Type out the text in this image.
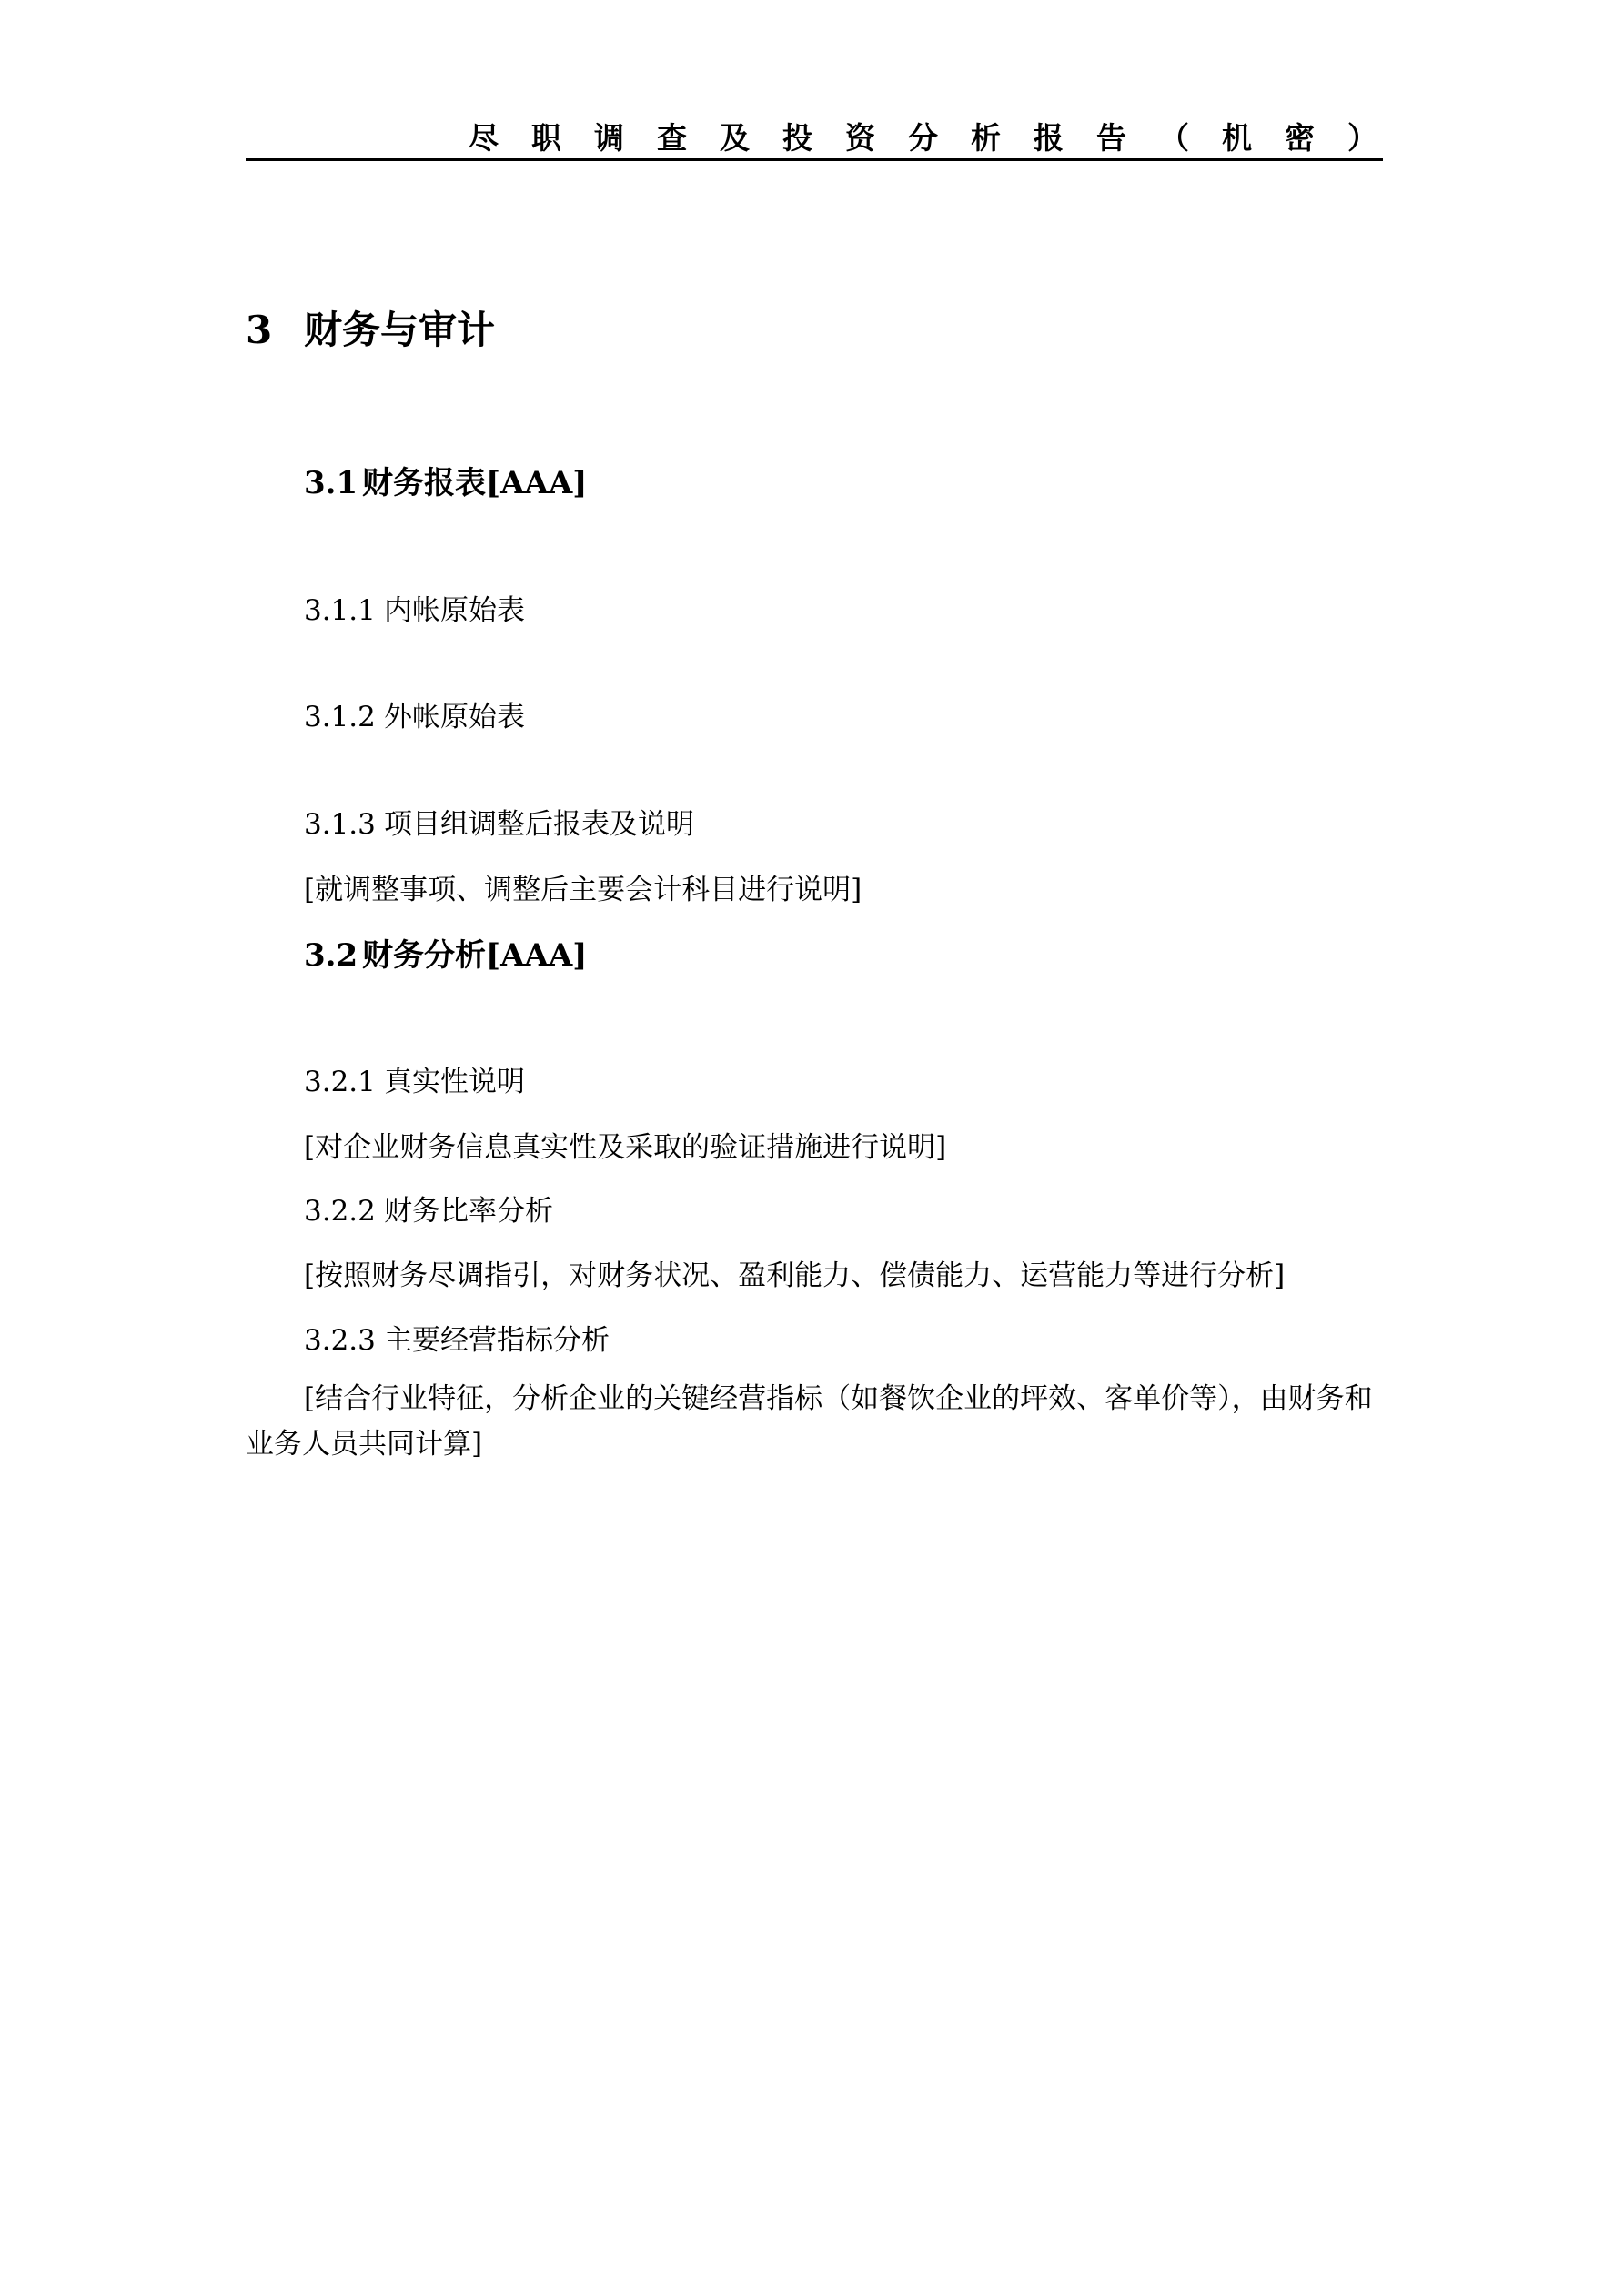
尽职调查及投资分析报告（机密）
3 财务与审计
3.1 财务报表[AAA]
3.1.1 内帐原始表
3.1.2 外帐原始表
3.1.3 项目组调整后报表及说明
[就调整事项、调整后主要会计科目进行说明]
3.2 财务分析[AAA]
3.2.1 真实性说明
[对企业财务信息真实性及采取的验证措施进行说明]
3.2.2 财务比率分析
[按照财务尽调指引，对财务状况、盈利能力、偿债能力、运营能力等进行分析]
3.2.3 主要经营指标分析
[结合行业特征，分析企业的关键经营指标（如餐饮企业的坪效、客单价等），由财务和业务人员共同计算]
